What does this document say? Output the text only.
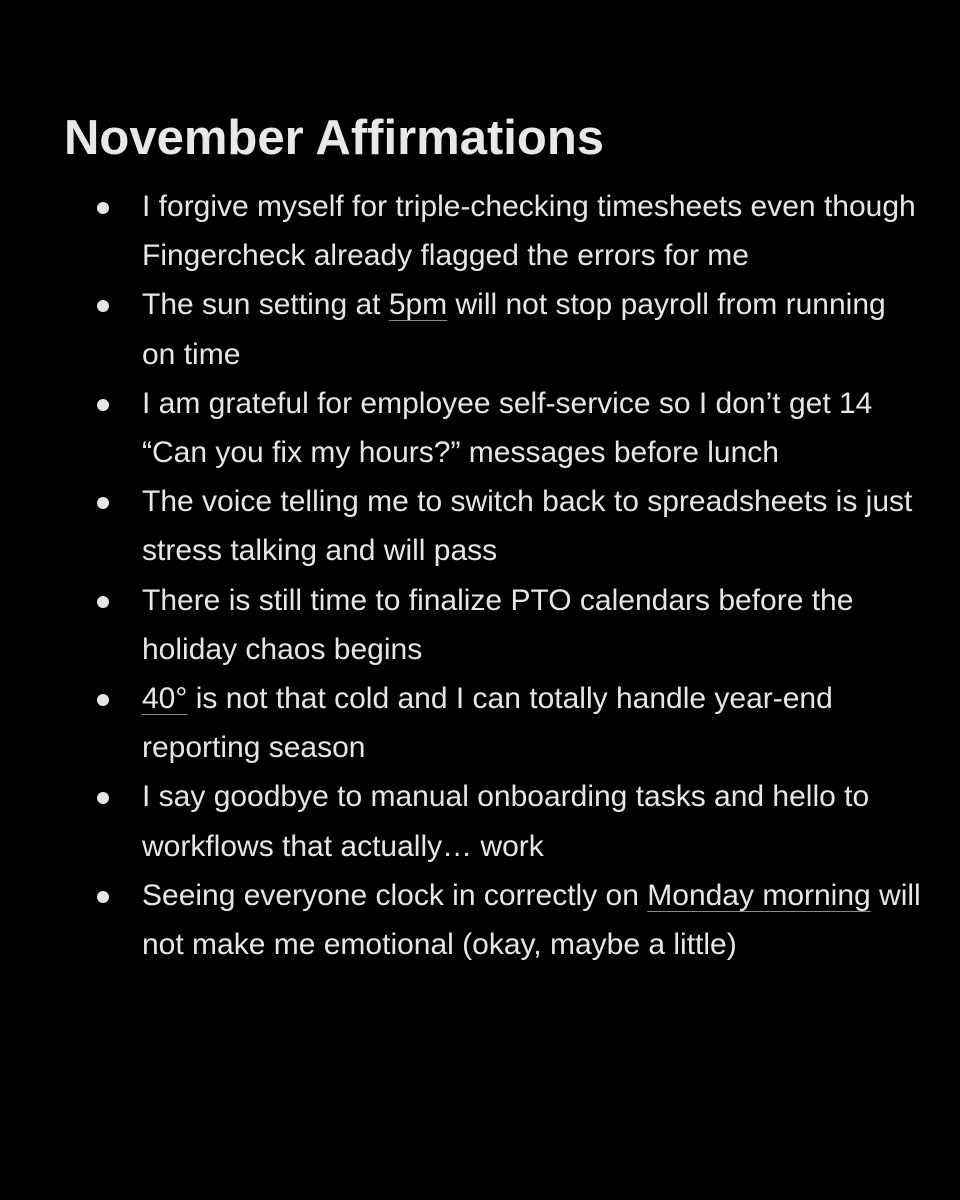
November Affirmations
I forgive myself for triple-checking timesheets even though Fingercheck already flagged the errors for me
The sun setting at 5pm will not stop payroll from running on time
I am grateful for employee self-service so I don’t get 14 “Can you fix my hours?” messages before lunch
The voice telling me to switch back to spreadsheets is just stress talking and will pass
There is still time to finalize PTO calendars before the holiday chaos begins
40° is not that cold and I can totally handle year-end reporting season
I say goodbye to manual onboarding tasks and hello to workflows that actually… work
Seeing everyone clock in correctly on Monday morning will not make me emotional (okay, maybe a little)
